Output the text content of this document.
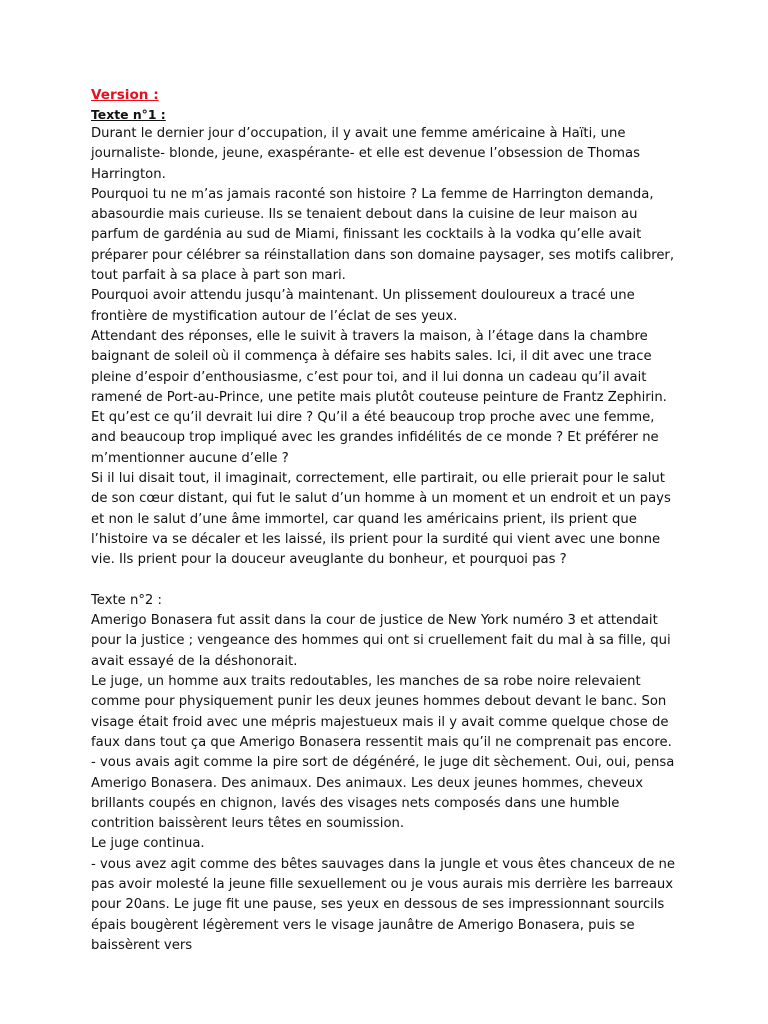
Version :

Texte n°1 :

Durant le dernier jour d’occupation, il y avait une femme américaine à Haïti, une journaliste- blonde, jeune, exaspérante- et elle est devenue l’obsession de Thomas Harrington.

Pourquoi tu ne m’as jamais raconté son histoire ? La femme de Harrington demanda, abasourdie mais curieuse. Ils se tenaient debout dans la cuisine de leur maison au parfum de gardénia au sud de Miami, finissant les cocktails à la vodka qu’elle avait préparer pour célébrer sa réinstallation dans son domaine paysager, ses motifs calibrer, tout parfait à sa place à part son mari.

Pourquoi avoir attendu jusqu’à maintenant. Un plissement douloureux a tracé une frontière de mystification autour de l’éclat de ses yeux.

Attendant des réponses, elle le suivit à travers la maison, à l’étage dans la chambre baignant de soleil où il commença à défaire ses habits sales. Ici, il dit avec une trace pleine d’espoir d’enthousiasme, c’est pour toi, and il lui donna un cadeau qu’il avait ramené de Port-au-Prince, une petite mais plutôt couteuse peinture de Frantz Zephirin.

Et qu’est ce qu’il devrait lui dire ? Qu’il a été beaucoup trop proche avec une femme, and beaucoup trop impliqué avec les grandes infidélités de ce monde ? Et préférer ne m’mentionner aucune d’elle ?

Si il lui disait tout, il imaginait, correctement, elle partirait, ou elle prierait pour le salut de son cœur distant, qui fut le salut d’un homme à un moment et un endroit et un pays et non le salut d’une âme immortel, car quand les américains prient, ils prient que l’histoire va se décaler et les laissé, ils prient pour la surdité qui vient avec une bonne vie. Ils prient pour la douceur aveuglante du bonheur, et pourquoi pas ?

Texte n°2 :

Amerigo Bonasera fut assit dans la cour de justice de New York numéro 3 et attendait pour la justice ; vengeance des hommes qui ont si cruellement fait du mal à sa fille, qui avait essayé de la déshonorait.

Le juge, un homme aux traits redoutables, les manches de sa robe noire relevaient comme pour physiquement punir les deux jeunes hommes debout devant le banc. Son visage était froid avec une mépris majestueux mais il y avait comme quelque chose de faux dans tout ça que Amerigo Bonasera ressentit mais qu’il ne comprenait pas encore.

- vous avais agit comme la pire sort de dégénéré, le juge dit sèchement. Oui, oui, pensa Amerigo Bonasera. Des animaux. Des animaux. Les deux jeunes hommes, cheveux brillants coupés en chignon, lavés des visages nets composés dans une humble contrition baissèrent leurs têtes en soumission.

Le juge continua.

- vous avez agit comme des bêtes sauvages dans la jungle et vous êtes chanceux de ne pas avoir molesté la jeune fille sexuellement ou je vous aurais mis derrière les barreaux pour 20ans. Le juge fit une pause, ses yeux en dessous de ses impressionnant sourcils épais bougèrent légèrement vers le visage jaunâtre de Amerigo Bonasera, puis se baissèrent vers
